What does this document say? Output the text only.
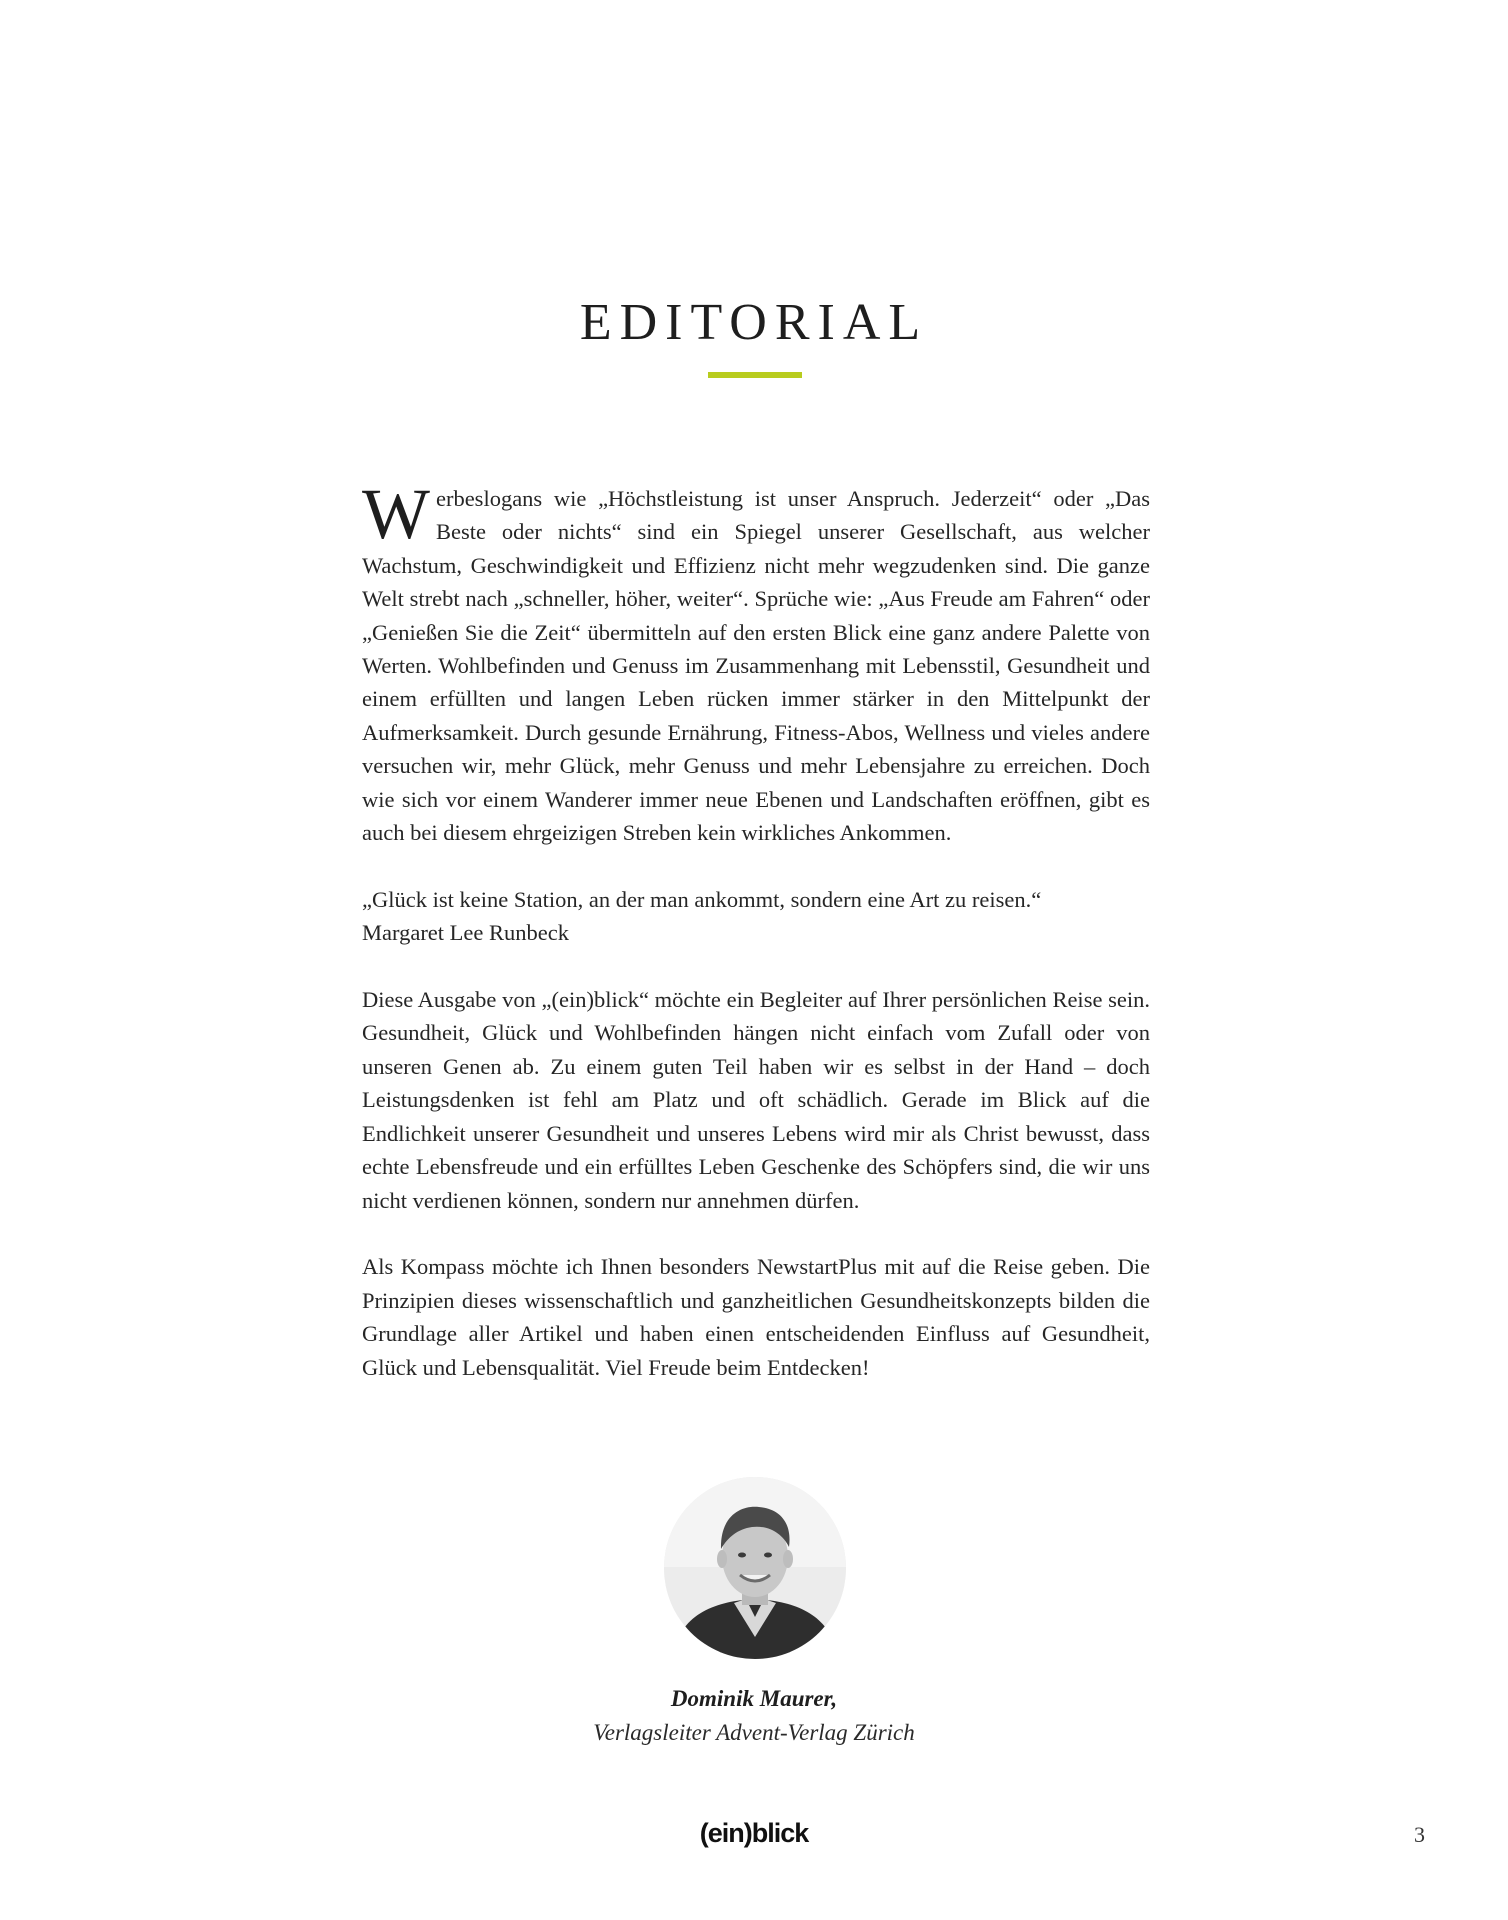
EDITORIAL

Werbeslogans wie „Höchstleistung ist unser Anspruch. Jederzeit“ oder „Das Beste oder nichts“ sind ein Spiegel unserer Gesellschaft, aus welcher Wachstum, Geschwindigkeit und Effizienz nicht mehr wegzudenken sind. Die ganze Welt strebt nach „schneller, höher, weiter“. Sprüche wie: „Aus Freude am Fahren“ oder „Genießen Sie die Zeit“ übermitteln auf den ersten Blick eine ganz andere Palette von Werten. Wohlbefinden und Genuss im Zusammenhang mit Lebensstil, Gesundheit und einem erfüllten und langen Leben rücken immer stärker in den Mittelpunkt der Aufmerksamkeit. Durch gesunde Ernährung, Fitness-Abos, Wellness und vieles andere versuchen wir, mehr Glück, mehr Genuss und mehr Lebensjahre zu erreichen. Doch wie sich vor einem Wanderer immer neue Ebenen und Landschaften eröffnen, gibt es auch bei diesem ehrgeizigen Streben kein wirkliches Ankommen.

„Glück ist keine Station, an der man ankommt, sondern eine Art zu reisen.“
Margaret Lee Runbeck

Diese Ausgabe von „(ein)blick“ möchte ein Begleiter auf Ihrer persönlichen Reise sein. Gesundheit, Glück und Wohlbefinden hängen nicht einfach vom Zufall oder von unseren Genen ab. Zu einem guten Teil haben wir es selbst in der Hand – doch Leistungsdenken ist fehl am Platz und oft schädlich. Gerade im Blick auf die Endlichkeit unserer Gesundheit und unseres Lebens wird mir als Christ bewusst, dass echte Lebensfreude und ein erfülltes Leben Geschenke des Schöpfers sind, die wir uns nicht verdienen können, sondern nur annehmen dürfen.

Als Kompass möchte ich Ihnen besonders NewstartPlus mit auf die Reise geben. Die Prinzipien dieses wissenschaftlich und ganzheitlichen Gesundheitskonzepts bilden die Grundlage aller Artikel und haben einen entscheidenden Einfluss auf Gesundheit, Glück und Lebensqualität. Viel Freude beim Entdecken!

Dominik Maurer,
Verlagsleiter Advent-Verlag Zürich
(ein)blick	3
